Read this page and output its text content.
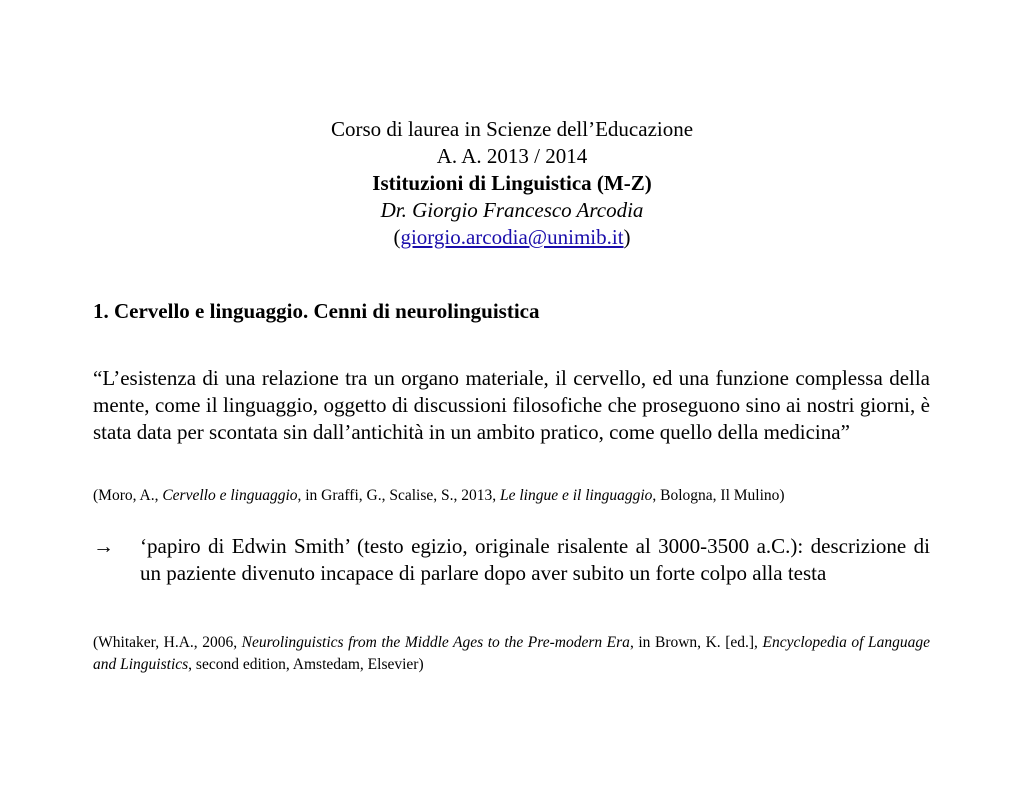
Corso di laurea in Scienze dell’Educazione
A. A. 2013 / 2014
Istituzioni di Linguistica (M-Z)
Dr. Giorgio Francesco Arcodia
(giorgio.arcodia@unimib.it)
1. Cervello e linguaggio. Cenni di neurolinguistica
“L’esistenza di una relazione tra un organo materiale, il cervello, ed una funzione complessa della mente, come il linguaggio, oggetto di discussioni filosofiche che proseguono sino ai nostri giorni, è stata data per scontata sin dall’antichità in un ambito pratico, come quello della medicina”
(Moro, A., Cervello e linguaggio, in Graffi, G., Scalise, S., 2013, Le lingue e il linguaggio, Bologna, Il Mulino)
→ ‘papiro di Edwin Smith’ (testo egizio, originale risalente al 3000-3500 a.C.): descrizione di un paziente divenuto incapace di parlare dopo aver subito un forte colpo alla testa
(Whitaker, H.A., 2006, Neurolinguistics from the Middle Ages to the Pre-modern Era, in Brown, K. [ed.], Encyclopedia of Language and Linguistics, second edition, Amstedam, Elsevier)
